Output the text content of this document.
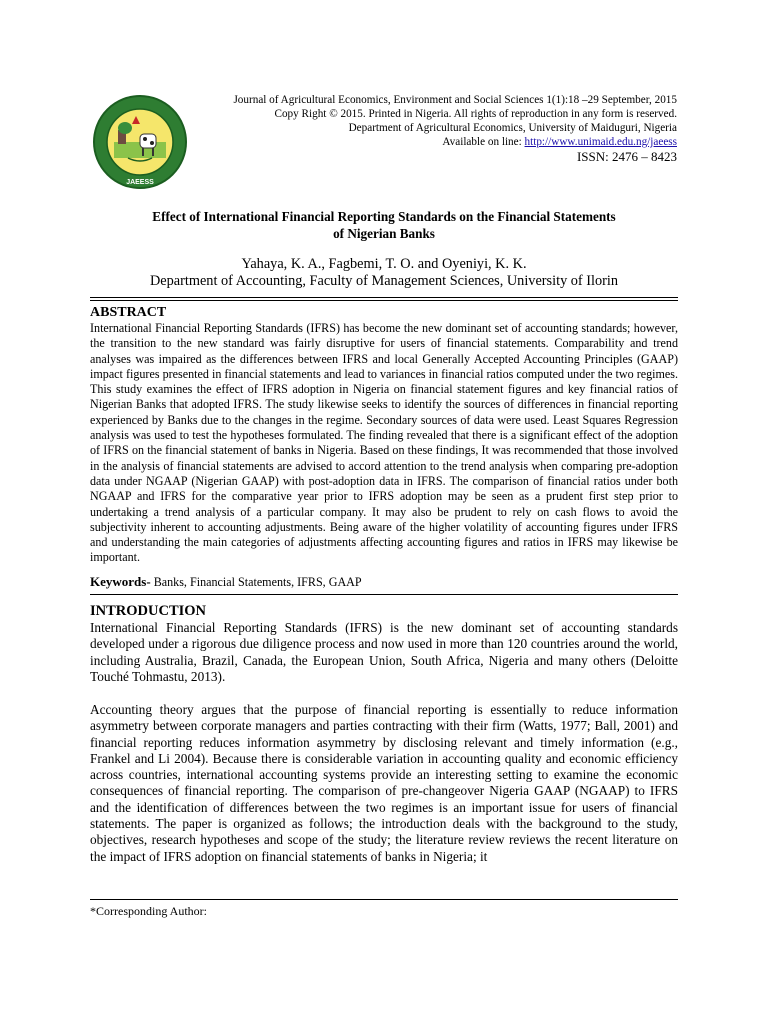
JAEESS
Journal of Agricultural Economics, Environment and Social Sciences 1(1):18 –29 September, 2015
Copy Right © 2015. Printed in Nigeria. All rights of reproduction in any form is reserved.
Department of Agricultural Economics, University of Maiduguri, Nigeria
Available on line: http://www.unimaid.edu.ng/jaeess
ISSN: 2476 – 8423
Effect of International Financial Reporting Standards on the Financial Statements
of Nigerian Banks
Yahaya, K. A., Fagbemi, T. O. and Oyeniyi, K. K.
Department of Accounting, Faculty of Management Sciences, University of Ilorin
ABSTRACT

International Financial Reporting Standards (IFRS) has become the new dominant set of accounting standards; however, the transition to the new standard was fairly disruptive for users of financial statements. Comparability and trend analyses was impaired as the differences between IFRS and local Generally Accepted Accounting Principles (GAAP) impact figures presented in financial statements and lead to variances in financial ratios computed under the two regimes. This study examines the effect of IFRS adoption in Nigeria on financial statement figures and key financial ratios of Nigerian Banks that adopted IFRS. The study likewise seeks to identify the sources of differences in financial reporting experienced by Banks due to the changes in the regime. Secondary sources of data were used. Least Squares Regression analysis was used to test the hypotheses formulated. The finding revealed that there is a significant effect of the adoption of IFRS on the financial statement of banks in Nigeria. Based on these findings, It was recommended that those involved in the analysis of financial statements are advised to accord attention to the trend analysis when comparing pre-adoption data under NGAAP (Nigerian GAAP) with post-adoption data in IFRS. The comparison of financial ratios under both NGAAP and IFRS for the comparative year prior to IFRS adoption may be seen as a prudent first step prior to undertaking a trend analysis of a particular company. It may also be prudent to rely on cash flows to avoid the subjectivity inherent to accounting adjustments. Being aware of the higher volatility of accounting figures under IFRS and understanding the main categories of adjustments affecting accounting figures and ratios in IFRS may likewise be important.

Keywords- Banks, Financial Statements, IFRS, GAAP
INTRODUCTION

International Financial Reporting Standards (IFRS) is the new dominant set of accounting standards developed under a rigorous due diligence process and now used in more than 120 countries around the world, including Australia, Brazil, Canada, the European Union, South Africa, Nigeria and many others (Deloitte Touché Tohmastu, 2013).

Accounting theory argues that the purpose of financial reporting is essentially to reduce information asymmetry between corporate managers and parties contracting with their firm (Watts, 1977; Ball, 2001) and financial reporting reduces information asymmetry by disclosing relevant and timely information (e.g., Frankel and Li 2004). Because there is considerable variation in accounting quality and economic efficiency across countries, international accounting systems provide an interesting setting to examine the economic consequences of financial reporting. The comparison of pre-changeover Nigeria GAAP (NGAAP) to IFRS and the identification of differences between the two regimes is an important issue for users of financial statements. The paper is organized as follows; the introduction deals with the background to the study, objectives, research hypotheses and scope of the study; the literature review reviews the recent literature on the impact of IFRS adoption on financial statements of banks in Nigeria; it

*Corresponding Author:
